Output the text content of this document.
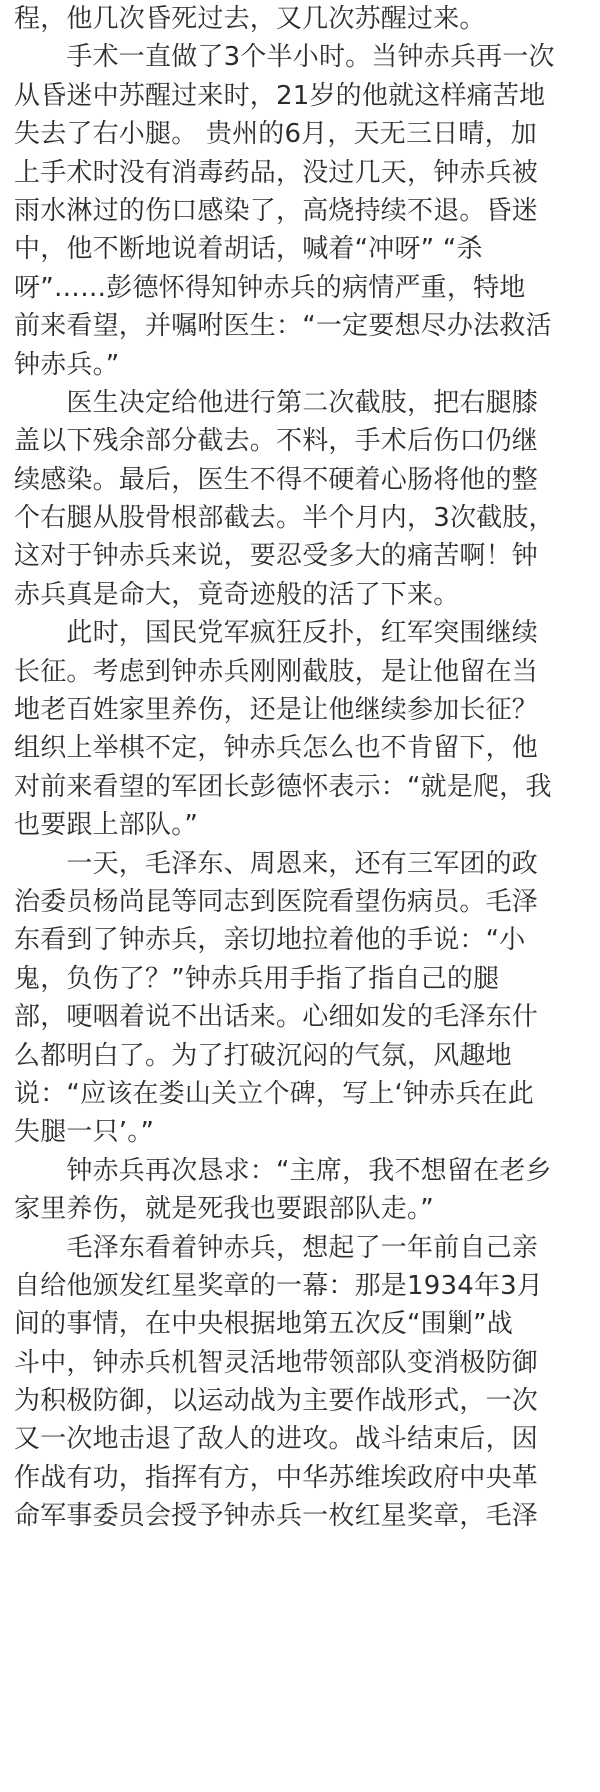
程，他几次昏死过去，又几次苏醒过来。
　　手术一直做了3个半小时。当钟赤兵再一次
从昏迷中苏醒过来时，21岁的他就这样痛苦地
失去了右小腿。 贵州的6月，天无三日晴，加
上手术时没有消毒药品，没过几天，钟赤兵被
雨水淋过的伤口感染了，高烧持续不退。昏迷
中，他不断地说着胡话，喊着“冲呀” “杀
呀”……彭德怀得知钟赤兵的病情严重，特地
前来看望，并嘱咐医生：“一定要想尽办法救活
钟赤兵。”
　　医生决定给他进行第二次截肢，把右腿膝
盖以下残余部分截去。不料，手术后伤口仍继
续感染。最后，医生不得不硬着心肠将他的整
个右腿从股骨根部截去。半个月内，3次截肢，
这对于钟赤兵来说，要忍受多大的痛苦啊！钟
赤兵真是命大，竟奇迹般的活了下来。
　　此时，国民党军疯狂反扑，红军突围继续
长征。考虑到钟赤兵刚刚截肢，是让他留在当
地老百姓家里养伤，还是让他继续参加长征？
组织上举棋不定，钟赤兵怎么也不肯留下，他
对前来看望的军团长彭德怀表示：“就是爬，我
也要跟上部队。”
　　一天，毛泽东、周恩来，还有三军团的政
治委员杨尚昆等同志到医院看望伤病员。毛泽
东看到了钟赤兵，亲切地拉着他的手说：“小
鬼，负伤了？”钟赤兵用手指了指自己的腿
部，哽咽着说不出话来。心细如发的毛泽东什
么都明白了。为了打破沉闷的气氛，风趣地
说：“应该在娄山关立个碑，写上‘钟赤兵在此
失腿一只’。”
　　钟赤兵再次恳求：“主席，我不想留在老乡
家里养伤，就是死我也要跟部队走。”
　　毛泽东看着钟赤兵，想起了一年前自己亲
自给他颁发红星奖章的一幕：那是1934年3月
间的事情，在中央根据地第五次反“围剿”战
斗中，钟赤兵机智灵活地带领部队变消极防御
为积极防御，以运动战为主要作战形式，一次
又一次地击退了敌人的进攻。战斗结束后，因
作战有功，指挥有方，中华苏维埃政府中央革
命军事委员会授予钟赤兵一枚红星奖章，毛泽
